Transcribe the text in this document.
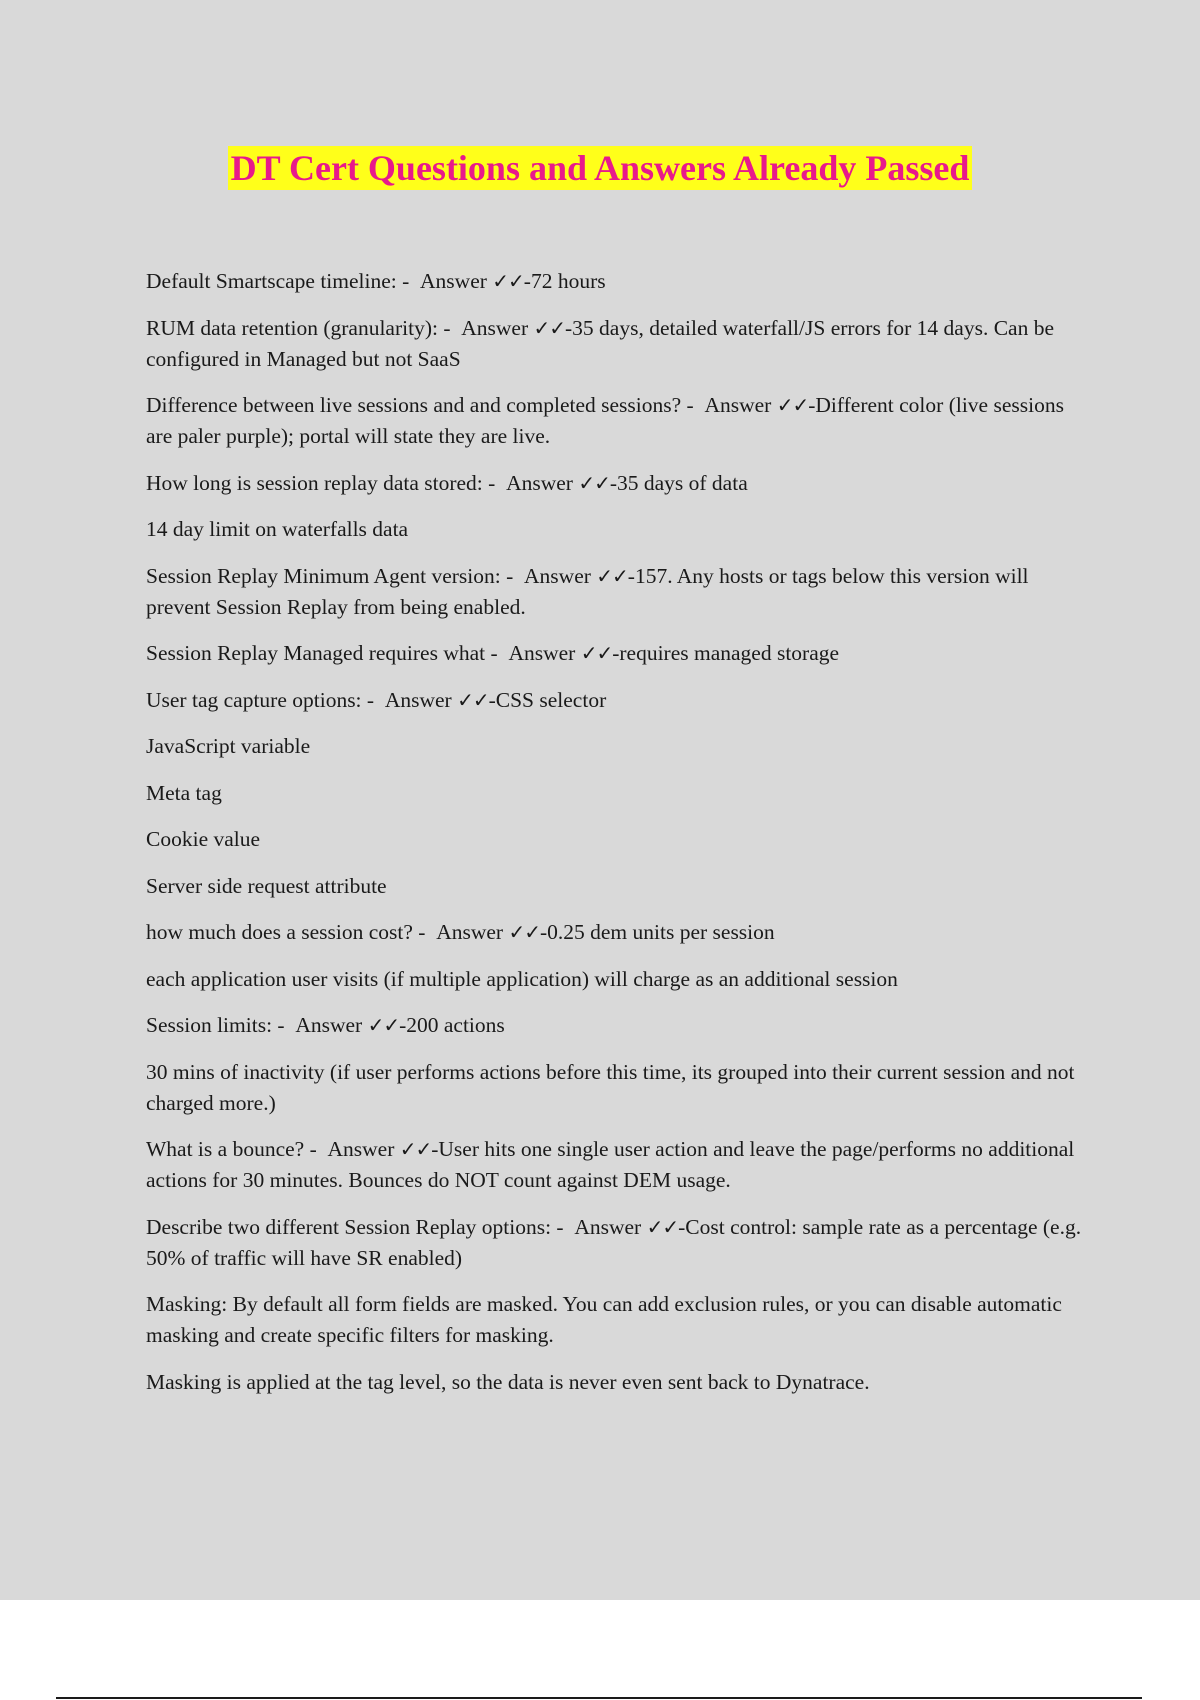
DT Cert Questions and Answers Already Passed

Default Smartscape timeline: - Answer ✓✓-72 hours

RUM data retention (granularity): - Answer ✓✓-35 days, detailed waterfall/JS errors for 14 days. Can be configured in Managed but not SaaS

Difference between live sessions and and completed sessions? - Answer ✓✓-Different color (live sessions are paler purple); portal will state they are live.

How long is session replay data stored: - Answer ✓✓-35 days of data

14 day limit on waterfalls data

Session Replay Minimum Agent version: - Answer ✓✓-157. Any hosts or tags below this version will prevent Session Replay from being enabled.

Session Replay Managed requires what - Answer ✓✓-requires managed storage

User tag capture options: - Answer ✓✓-CSS selector

JavaScript variable

Meta tag

Cookie value

Server side request attribute

how much does a session cost? - Answer ✓✓-0.25 dem units per session

each application user visits (if multiple application) will charge as an additional session

Session limits: - Answer ✓✓-200 actions

30 mins of inactivity (if user performs actions before this time, its grouped into their current session and not charged more.)

What is a bounce? - Answer ✓✓-User hits one single user action and leave the page/performs no additional actions for 30 minutes. Bounces do NOT count against DEM usage.

Describe two different Session Replay options: - Answer ✓✓-Cost control: sample rate as a percentage (e.g. 50% of traffic will have SR enabled)

Masking: By default all form fields are masked. You can add exclusion rules, or you can disable automatic masking and create specific filters for masking.

Masking is applied at the tag level, so the data is never even sent back to Dynatrace.
